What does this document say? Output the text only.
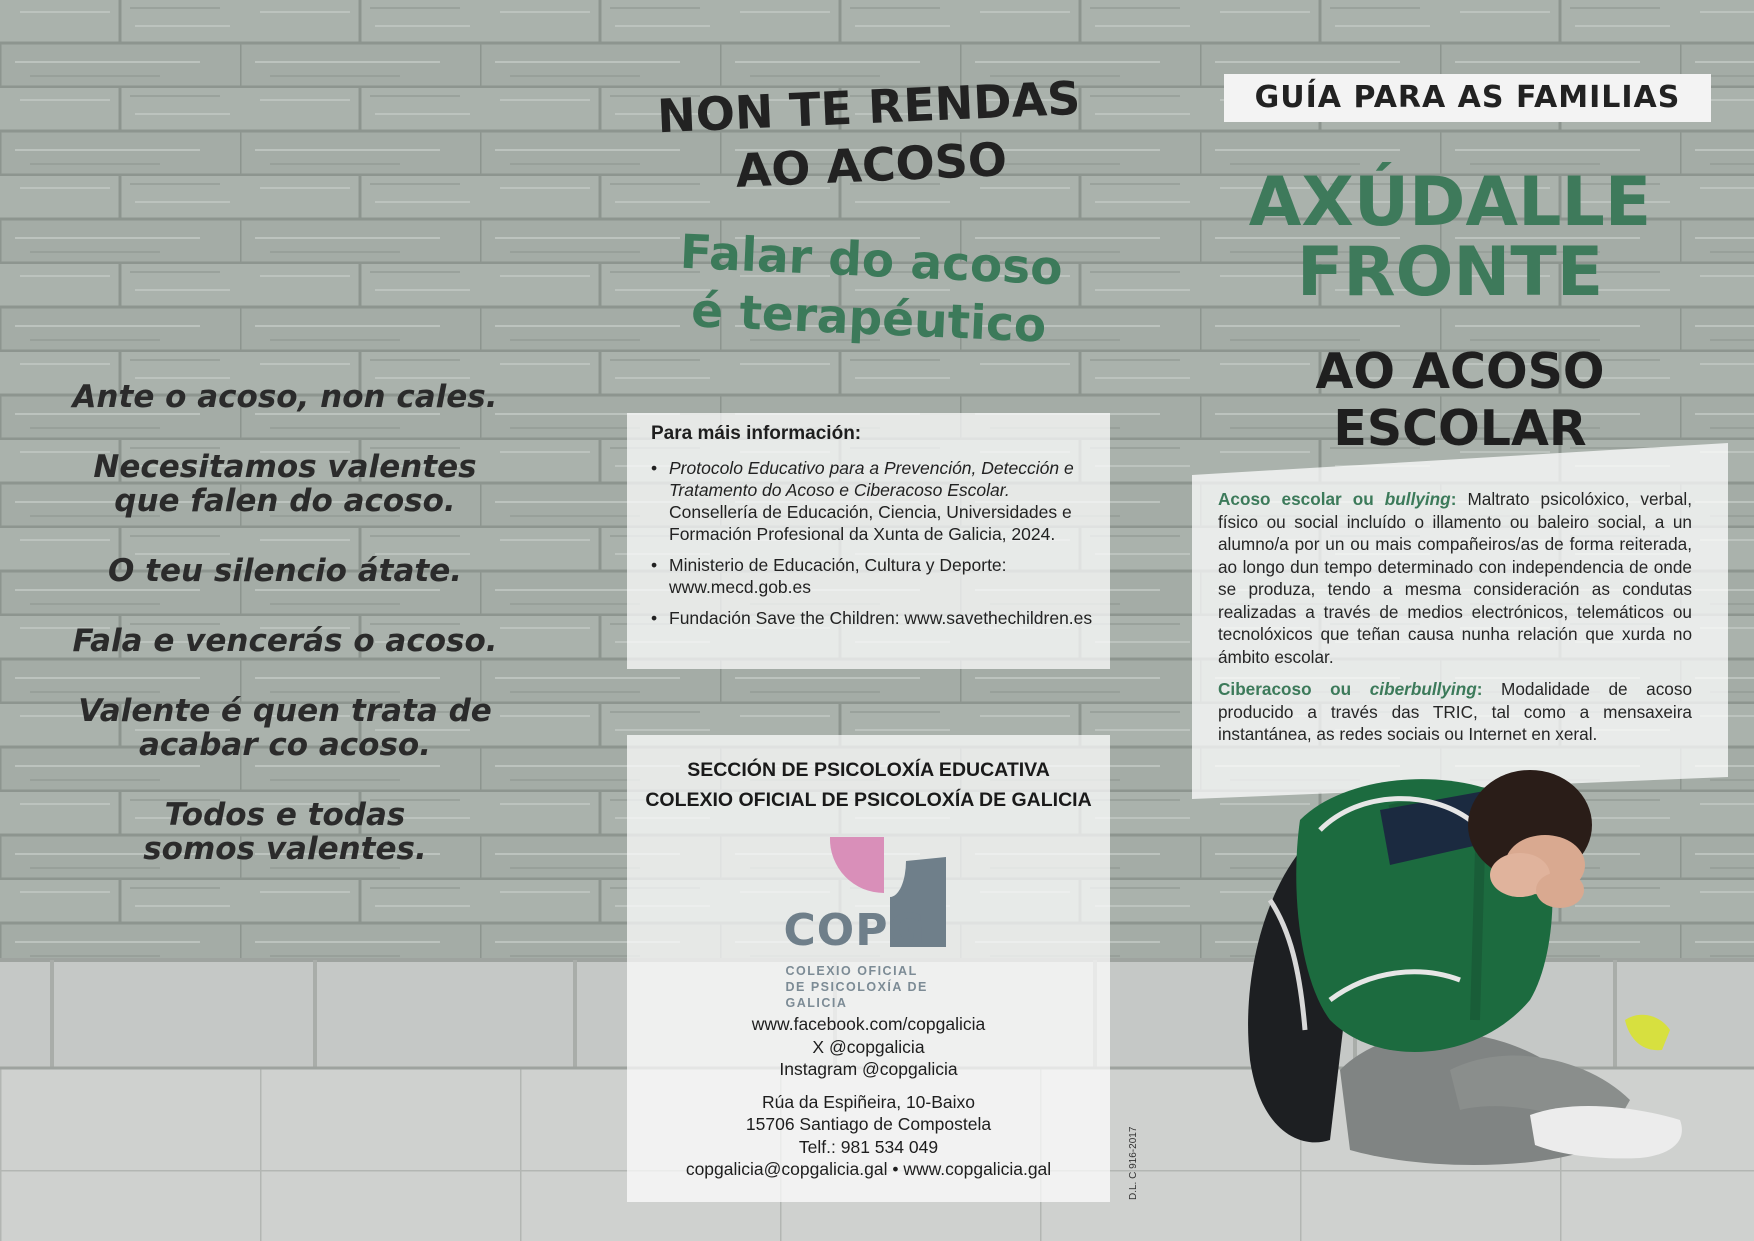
Ante o acoso, non cales.
Necesitamos valentes
que falen do acoso.
O teu silencio átate.
Fala e vencerás o acoso.
Valente é quen trata de
acabar co acoso.
Todos e todas
somos valentes.
NON TE RENDAS
AO ACOSO
Falar do acoso
é terapéutico
Para máis información:
• Protocolo Educativo para a Prevención, Detección e Tratamento do Acoso e Ciberacoso Escolar.
Consellería de Educación, Ciencia, Universidades e Formación Profesional da Xunta de Galicia, 2024.
• Ministerio de Educación, Cultura y Deporte: www.mecd.gob.es
• Fundación Save the Children: www.savethechildren.es
SECCIÓN DE PSICOLOXÍA EDUCATIVA
COLEXIO OFICIAL DE PSICOLOXÍA DE GALICIA
COPG
COLEXIO OFICIAL
DE PSICOLOXÍA DE GALICIA
www.facebook.com/copgalicia
X @copgalicia
Instagram @copgalicia
Rúa da Espiñeira, 10-Baixo
15706 Santiago de Compostela
Telf.: 981 534 049
copgalicia@copgalicia.gal • www.copgalicia.gal	D.L. C 916-2017
GUÍA PARA AS FAMILIAS
AXÚDALLE
FRONTE
AO ACOSO ESCOLAR

Acoso escolar ou bullying: Maltrato psicolóxico, verbal, físico ou social incluído o illamento ou baleiro social, a un alumno/a por un ou mais compañeiros/as de forma reiterada, ao longo dun tempo determinado con independencia de onde se produza, tendo a mesma consideración as condutas realizadas a través de medios electrónicos, telemáticos ou tecnolóxicos que teñan causa nunha relación que xurda no ámbito escolar.

Ciberacoso ou ciberbullying: Modalidade de acoso producido a través das TRIC, tal como a mensaxeira instantánea, as redes sociais ou Internet en xeral.
